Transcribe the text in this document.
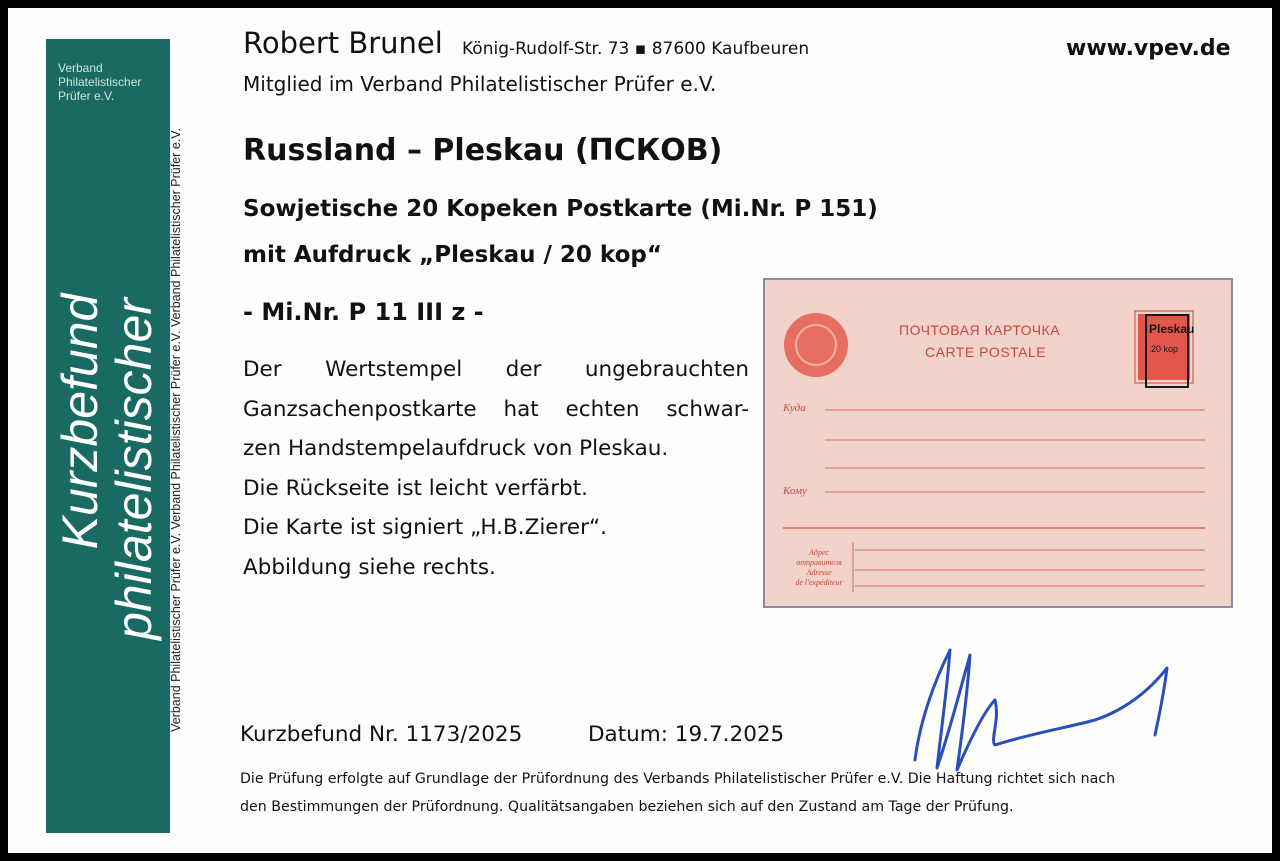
Verband
Philatelistischer
Prüfer e.V.
Kurzbefund
philatelistischer Verband Philatelistischer Prüfer e.V. Verband Philatelistischer Prüfer e.V. Verband Philatelistischer Prüfer e.V.
Robert Brunel König-Rudolf-Str. 73 ▪ 87600 Kaufbeuren
Mitglied im Verband Philatelistischer Prüfer e.V.
www.vpev.de
Russland – Pleskau (ПСКОВ)
Sowjetische 20 Kopeken Postkarte (Mi.Nr. P 151)
mit Aufdruck „Pleskau / 20 kop“
- Mi.Nr. P 11 III z -

Der Wertstempel der ungebrauchten

Ganzsachenpostkarte hat echten schwar-

zen Handstempelaufdruck von Pleskau.

Die Rückseite ist leicht verfärbt.

Die Karte ist signiert „H.B.Zierer“.

Abbildung siehe rechts.

ПОЧТОВАЯ КАРТОЧКА
CARTE POSTALE
Куда
Кому
Адрес
отправителя
Adresse
de l'expéditeur
Pleskau
20 kop
Kurzbefund Nr. 1173/2025	Datum: 19.7.2025

Die Prüfung erfolgte auf Grundlage der Prüfordnung des Verbands Philatelistischer Prüfer e.V. Die Haftung richtet sich nach

den Bestimmungen der Prüfordnung. Qualitätsangaben beziehen sich auf den Zustand am Tage der Prüfung.
